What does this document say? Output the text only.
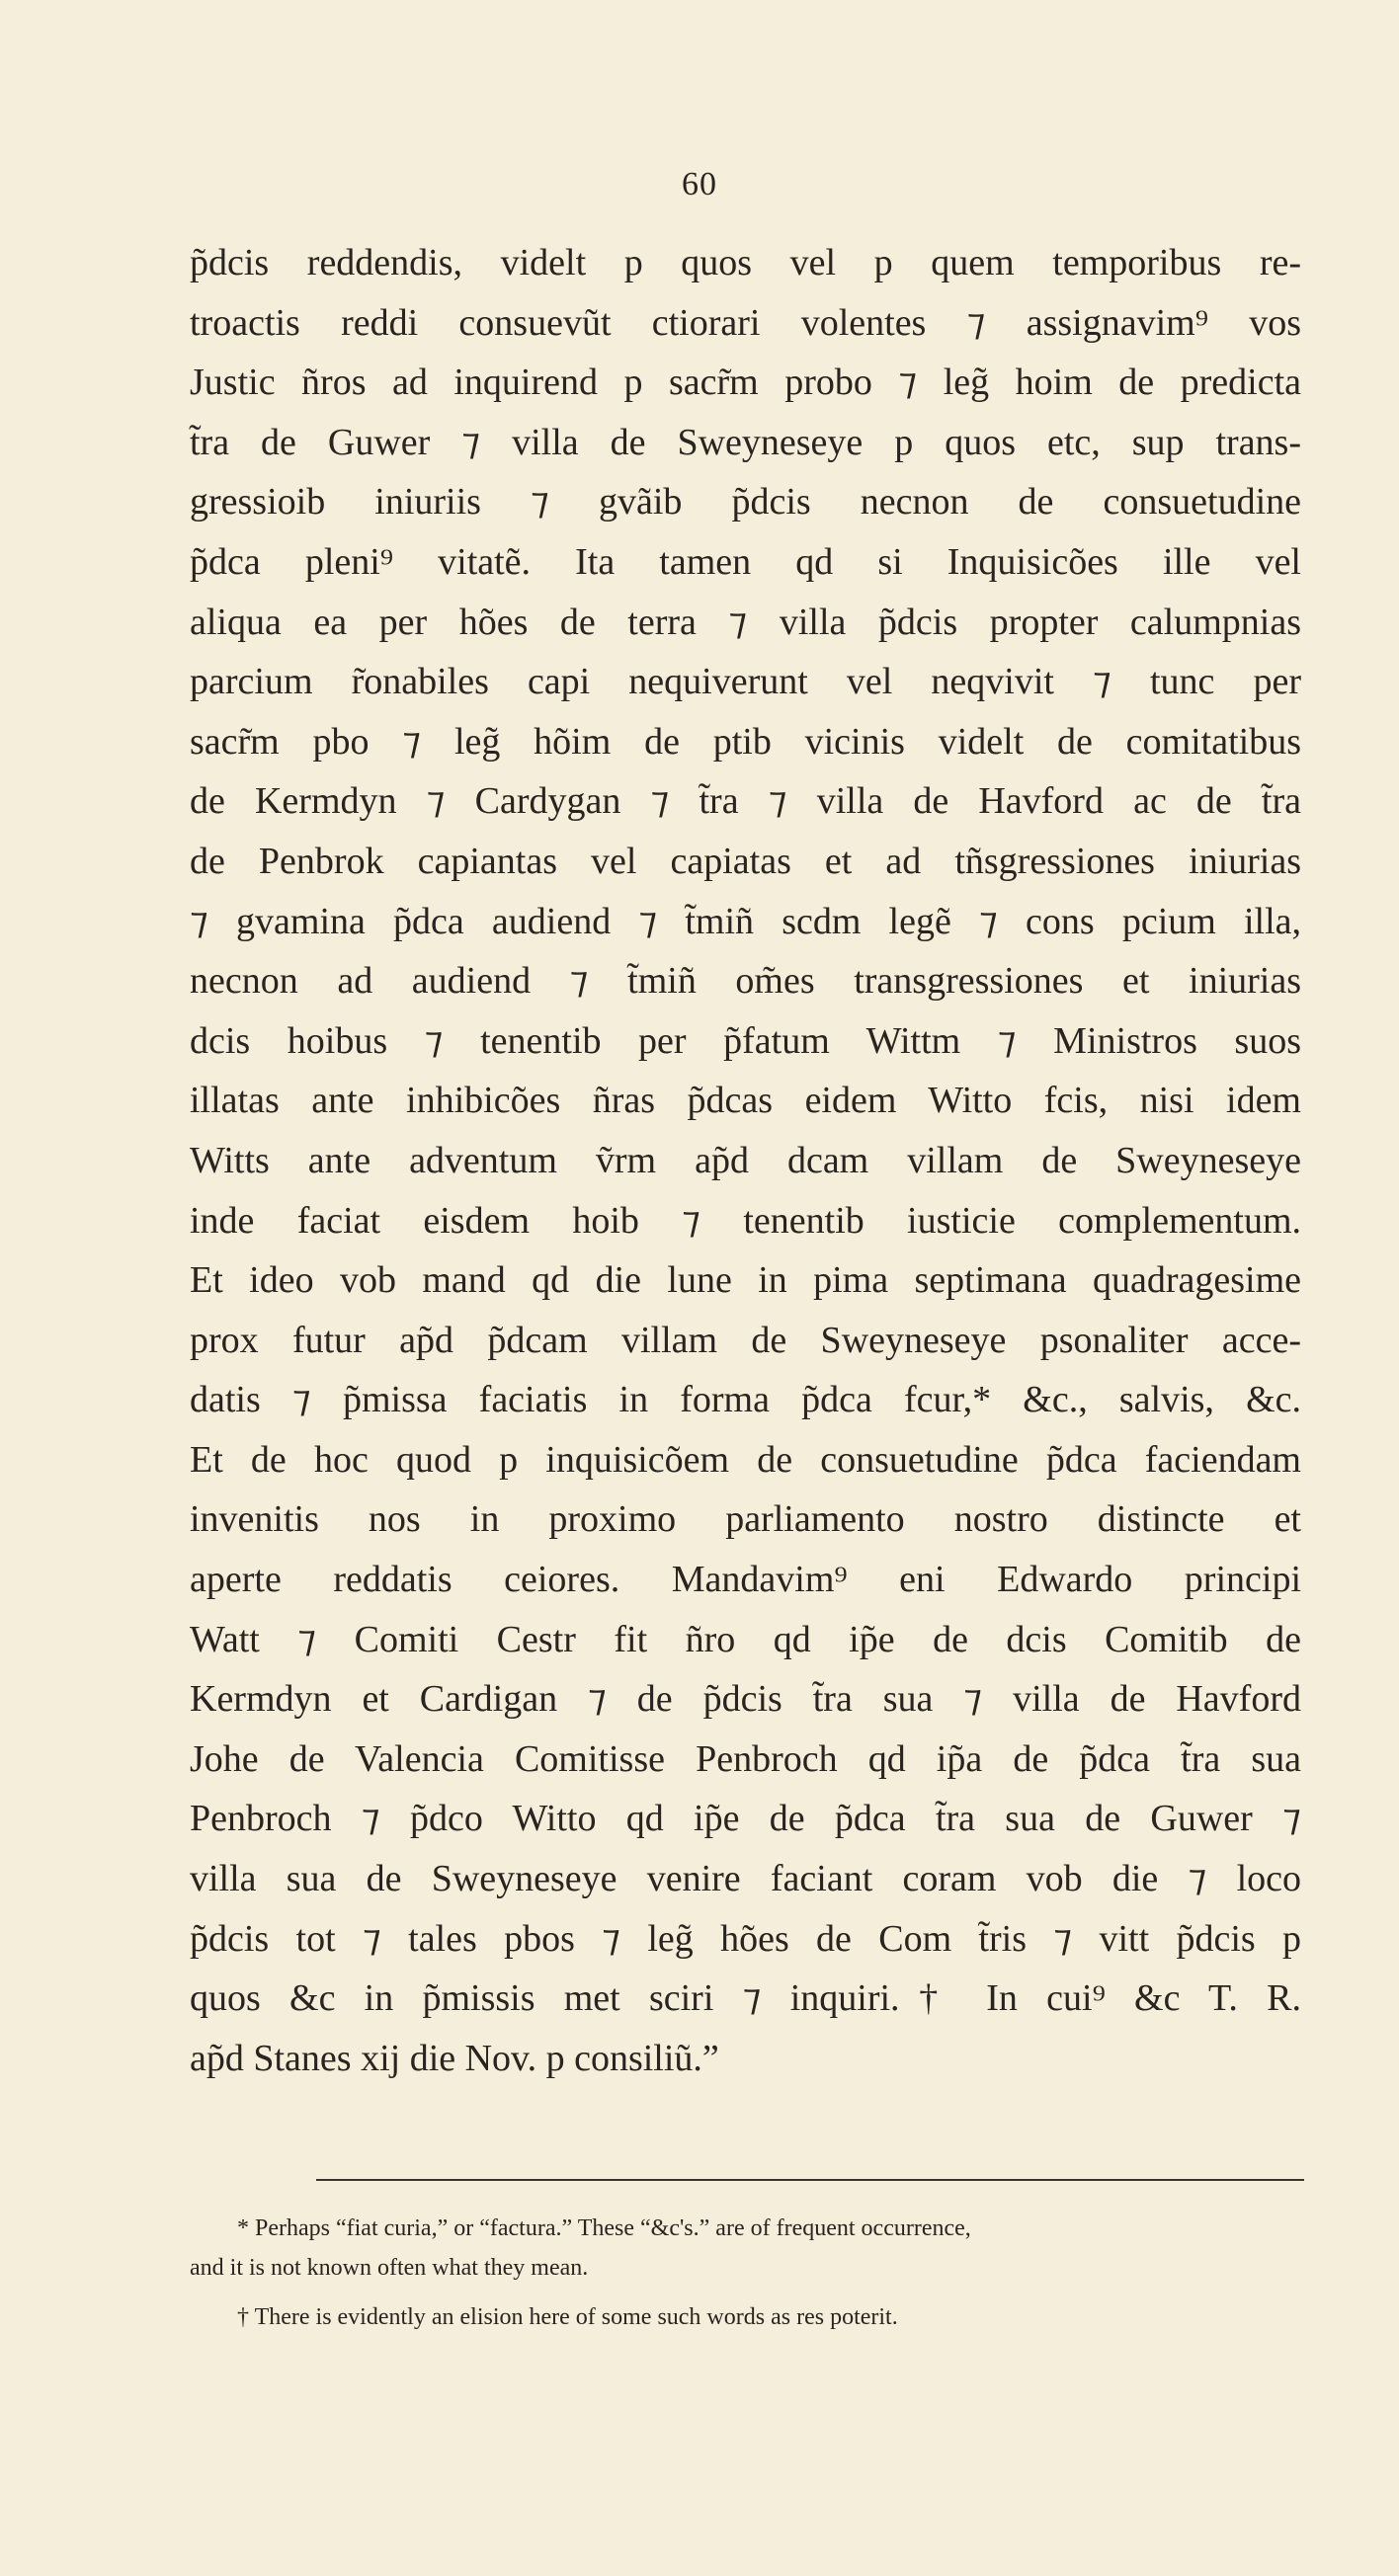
60
p̃dcis reddendis, videlt p quos vel p quem temporibus re-
troactis reddi consuevũt ctiorari volentes ⁊ assignavim⁹ vos
Justic ñros ad inquirend p sacr̃m probo ⁊ leg̃ hoim de predicta
t̃ra de Guwer ⁊ villa de Sweyneseye p quos etc, sup trans-
gressioib iniuriis ⁊ gvãib p̃dcis necnon de consuetudine
p̃dca pleni⁹ vitatẽ. Ita tamen qd si Inquisicões ille vel
aliqua ea per hões de terra ⁊ villa p̃dcis propter calumpnias
parcium r̃onabiles capi nequiverunt vel neqvivit ⁊ tunc per
sacr̃m pbo ⁊ leg̃ hõim de ptib vicinis videlt de comitatibus
de Kermdyn ⁊ Cardygan ⁊ t̃ra ⁊ villa de Havford ac de t̃ra
de Penbrok capiantas vel capiatas et ad tñsgressiones iniurias
⁊ gvamina p̃dca audiend ⁊ t̃miñ scdm legẽ ⁊ cons pcium illa,
necnon ad audiend ⁊ t̃miñ om̃es transgressiones et iniurias
dcis hoibus ⁊ tenentib per p̃fatum Wittm ⁊ Ministros suos
illatas ante inhibicões ñras p̃dcas eidem Witto fcis, nisi idem
Witts ante adventum ṽrm ap̃d dcam villam de Sweyneseye
inde faciat eisdem hoib ⁊ tenentib iusticie complementum.
Et ideo vob mand qd die lune in pima septimana quadragesime
prox futur ap̃d p̃dcam villam de Sweyneseye psonaliter acce-
datis ⁊ p̃missa faciatis in forma p̃dca fcur,* &c., salvis, &c.
Et de hoc quod p inquisicõem de consuetudine p̃dca faciendam
invenitis nos in proximo parliamento nostro distincte et
aperte reddatis ceiores. Mandavim⁹ eni Edwardo principi
Watt ⁊ Comiti Cestr fit ñro qd ip̃e de dcis Comitib de
Kermdyn et Cardigan ⁊ de p̃dcis t̃ra sua ⁊ villa de Havford
Johe de Valencia Comitisse Penbroch qd ip̃a de p̃dca t̃ra sua
Penbroch ⁊ p̃dco Witto qd ip̃e de p̃dca t̃ra sua de Guwer ⁊
villa sua de Sweyneseye venire faciant coram vob die ⁊ loco
p̃dcis tot ⁊ tales pbos ⁊ leg̃ hões de Com t̃ris ⁊ vitt p̃dcis p
quos &c in p̃missis met sciri ⁊ inquiri.† In cui⁹ &c T. R.
ap̃d Stanes xij die Nov. p consiliũ.”
* Perhaps “fiat curia,” or “factura.” These “&c's.” are of frequent occurrence,
and it is not known often what they mean.
† There is evidently an elision here of some such words as res poterit.
